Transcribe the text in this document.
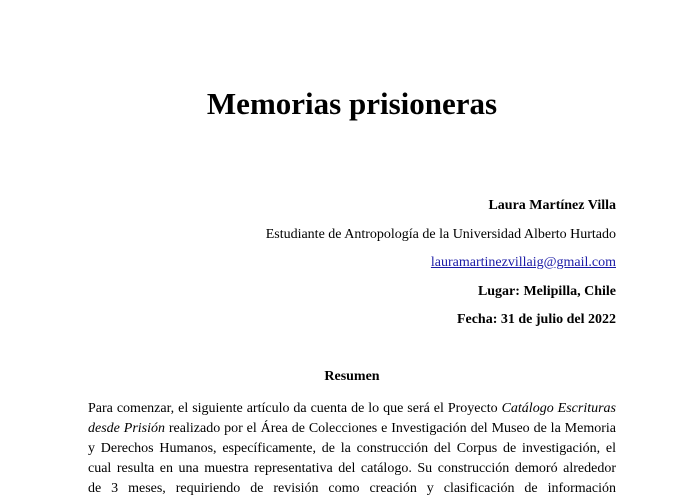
Memorias prisioneras
Laura Martínez Villa
Estudiante de Antropología de la Universidad Alberto Hurtado
lauramartinezvillaig@gmail.com
Lugar: Melipilla, Chile
Fecha: 31 de julio del 2022
Resumen
Para comenzar, el siguiente artículo da cuenta de lo que será el Proyecto Catálogo Escrituras
desde Prisión realizado por el Área de Colecciones e Investigación del Museo de la Memoria
y Derechos Humanos, específicamente, de la construcción del Corpus de investigación, el
cual resulta en una muestra representativa del catálogo. Su construcción demoró alrededor
de 3 meses, requiriendo de revisión como creación y clasificación de información
